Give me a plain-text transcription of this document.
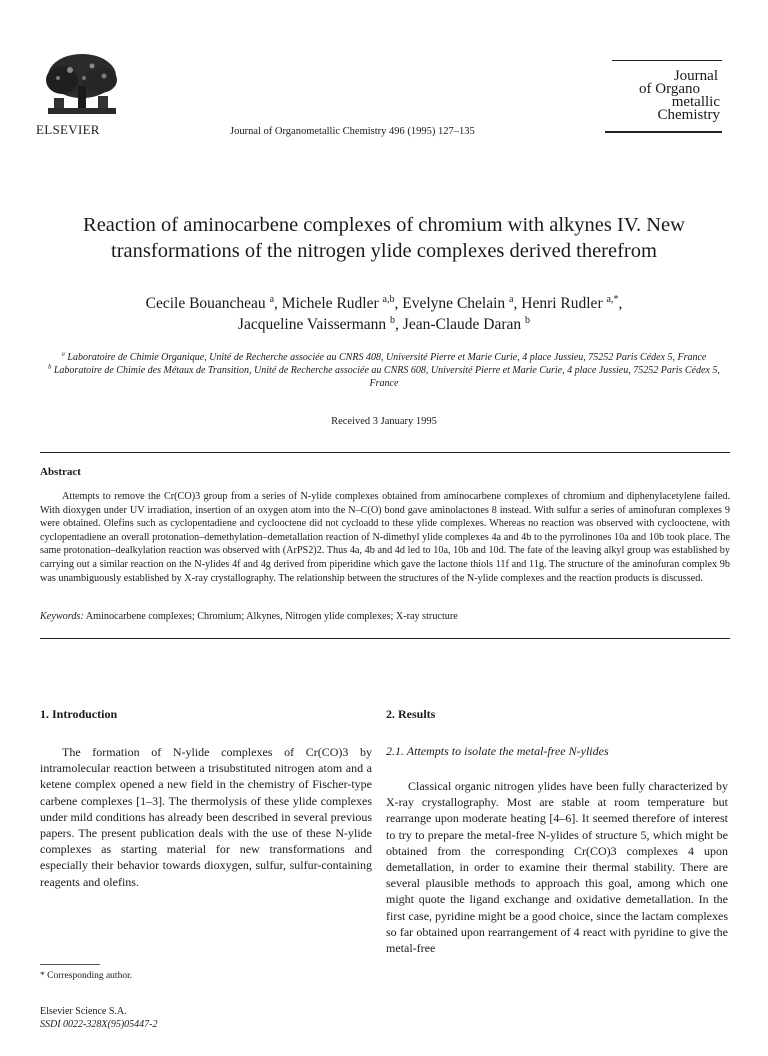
ELSEVIER	Journal of Organometallic Chemistry 496 (1995) 127–135
Journal
of Organo
metallic
Chemistry
Reaction of aminocarbene complexes of chromium with alkynes IV. New transformations of the nitrogen ylide complexes derived therefrom
Cecile Bouancheau $^a$, Michele Rudler $^{a,b}$, Evelyne Chelain $^a$, Henri Rudler $^{a,*}$,
Jacqueline Vaissermann $^b$, Jean-Claude Daran $^b$
$^a$ Laboratoire de Chimie Organique, Unité de Recherche associée au CNRS 408, Université Pierre et Marie Curie, 4 place Jussieu, 75252 Paris Cédex 5, France
$^b$ Laboratoire de Chimie des Métaux de Transition, Unité de Recherche associée au CNRS 608, Université Pierre et Marie Curie, 4 place Jussieu, 75252 Paris Cédex 5, France
Received 3 January 1995
Abstract
Attempts to remove the Cr(CO)3 group from a series of N-ylide complexes obtained from aminocarbene complexes of chromium and diphenylacetylene failed. With dioxygen under UV irradiation, insertion of an oxygen atom into the N–C(O) bond gave aminolactones 8 instead. With sulfur a series of aminofuran complexes 9 were obtained. Olefins such as cyclopentadiene and cyclooctene did not cycloadd to these ylide complexes. Whereas no reaction was observed with cyclooctene, with cyclopentadiene an overall protonation–demethylation–demetallation reaction of N-dimethyl ylide complexes 4a and 4b to the pyrrolinones 10a and 10b took place. The same protonation–dealkylation reaction was observed with (ArPS2)2. Thus 4a, 4b and 4d led to 10a, 10b and 10d. The fate of the leaving alkyl group was established by carrying out a similar reaction on the N-ylides 4f and 4g derived from piperidine which gave the lactone thiols 11f and 11g. The structure of the aminofuran complex 9b was unambiguously established by X-ray crystallography. The relationship between the structures of the N-ylide complexes and the reaction products is discussed.
Keywords: Aminocarbene complexes; Chromium; Alkynes, Nitrogen ylide complexes; X-ray structure
1. Introduction
The formation of N-ylide complexes of Cr(CO)3 by intramolecular reaction between a trisubstituted nitrogen atom and a ketene complex opened a new field in the chemistry of Fischer-type carbene complexes [1–3]. The thermolysis of these ylide complexes under mild conditions has already been described in several previous papers. The present publication deals with the use of these N-ylide complexes as starting material for new transformations and especially their behavior towards dioxygen, sulfur, sulfur-containing reagents and olefins.
* Corresponding author.
Elsevier Science S.A.
SSDI 0022-328X(95)05447-2
2. Results
2.1. Attempts to isolate the metal-free N-ylides
Classical organic nitrogen ylides have been fully characterized by X-ray crystallography. Most are stable at room temperature but rearrange upon moderate heating [4–6]. It seemed therefore of interest to try to prepare the metal-free N-ylides of structure 5, which might be obtained from the corresponding Cr(CO)3 complexes 4 upon demetallation, in order to examine their thermal stability. There are several plausible methods to approach this goal, among which one might quote the ligand exchange and oxidative demetallation. In the first case, pyridine might be a good choice, since the lactam complexes so far obtained upon rearrangement of 4 react with pyridine to give the metal-free
